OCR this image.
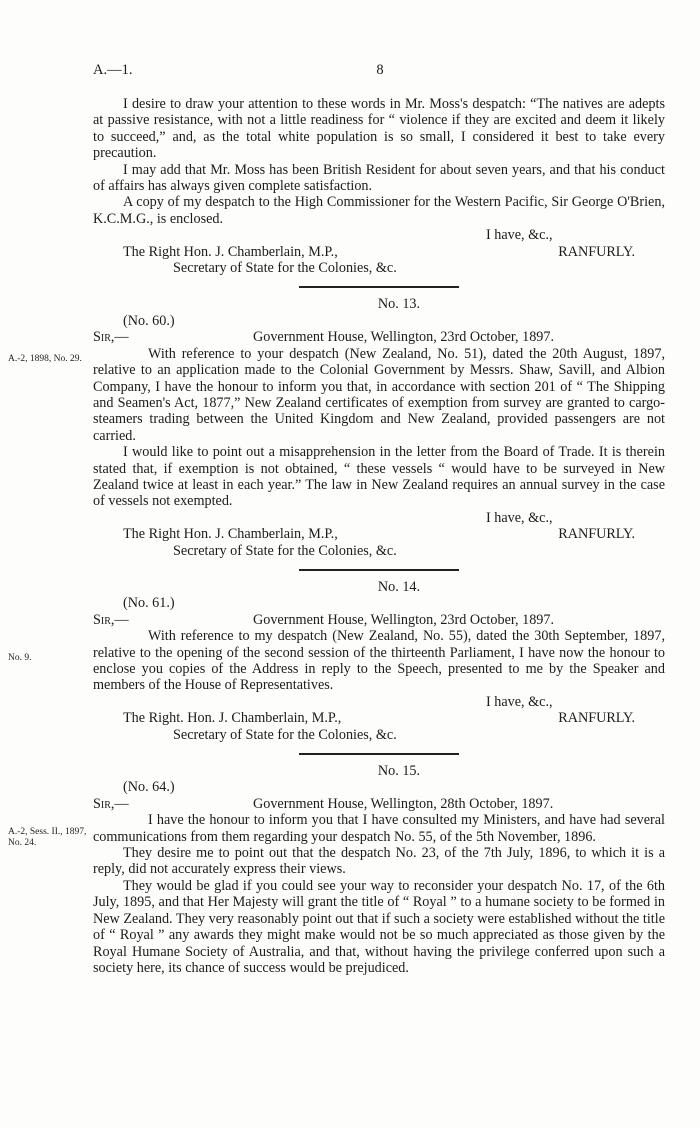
A.—1.	8
A.-2, 1898, No. 29.
No. 9.
A.-2, Sess. II., 1897, No. 24.

I desire to draw your attention to these words in Mr. Moss's despatch: “The natives are adepts at passive resistance, with not a little readiness for “ violence if they are excited and deem it likely to succeed,” and, as the total white population is so small, I considered it best to take every precaution.

I may add that Mr. Moss has been British Resident for about seven years, and that his conduct of affairs has always given complete satisfaction.

A copy of my despatch to the High Commissioner for the Western Pacific, Sir George O'Brien, K.C.M.G., is enclosed.

I have, &c.,
The Right Hon. J. Chamberlain, M.P.,	RANFURLY.
Secretary of State for the Colonies, &c.
No. 13.
(No. 60.)
Sir,—	Government House, Wellington, 23rd October, 1897.

With reference to your despatch (New Zealand, No. 51), dated the 20th August, 1897, relative to an application made to the Colonial Government by Messrs. Shaw, Savill, and Albion Company, I have the honour to inform you that, in accordance with section 201 of “ The Shipping and Seamen's Act, 1877,” New Zealand certificates of exemption from survey are granted to cargo-steamers trading between the United Kingdom and New Zealand, provided passengers are not carried.

I would like to point out a misapprehension in the letter from the Board of Trade. It is therein stated that, if exemption is not obtained, “ these vessels “ would have to be surveyed in New Zealand twice at least in each year.” The law in New Zealand requires an annual survey in the case of vessels not exempted.

I have, &c.,
The Right Hon. J. Chamberlain, M.P.,	RANFURLY.
Secretary of State for the Colonies, &c.
No. 14.
(No. 61.)
Sir,—	Government House, Wellington, 23rd October, 1897.

With reference to my despatch (New Zealand, No. 55), dated the 30th September, 1897, relative to the opening of the second session of the thirteenth Parliament, I have now the honour to enclose you copies of the Address in reply to the Speech, presented to me by the Speaker and members of the House of Representatives.

I have, &c.,
The Right. Hon. J. Chamberlain, M.P.,	RANFURLY.
Secretary of State for the Colonies, &c.
No. 15.
(No. 64.)
Sir,—	Government House, Wellington, 28th October, 1897.

I have the honour to inform you that I have consulted my Ministers, and have had several communications from them regarding your despatch No. 55, of the 5th November, 1896.

They desire me to point out that the despatch No. 23, of the 7th July, 1896, to which it is a reply, did not accurately express their views.

They would be glad if you could see your way to reconsider your despatch No. 17, of the 6th July, 1895, and that Her Majesty will grant the title of “ Royal ” to a humane society to be formed in New Zealand. They very reasonably point out that if such a society were established without the title of “ Royal ” any awards they might make would not be so much appreciated as those given by the Royal Humane Society of Australia, and that, without having the privilege conferred upon such a society here, its chance of success would be prejudiced.
